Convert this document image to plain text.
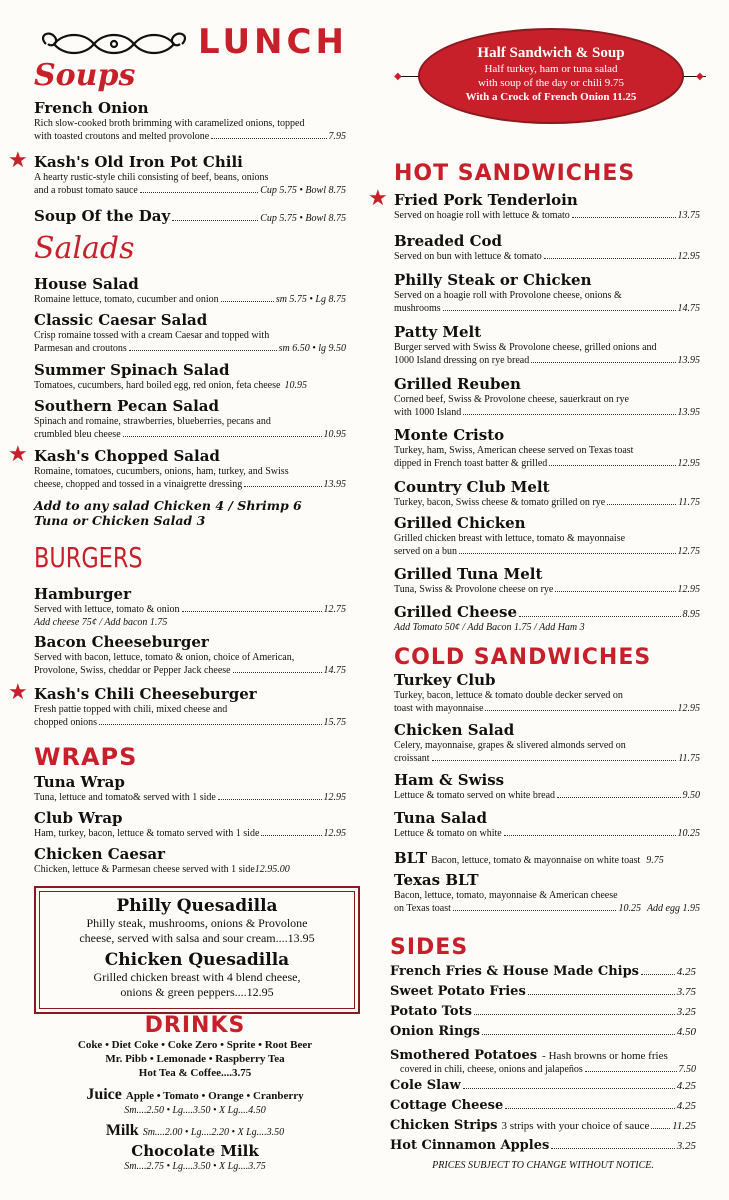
LUNCH
◆	◆
Half Sandwich & Soup
Half turkey, ham or tuna salad
with soup of the day or chili 9.75
With a Crock of French Onion 11.25
Soups
French Onion
Rich slow-cooked broth brimming with caramelized onions, topped
with toasted croutons and melted provolone	7.95
★ Kash's Old Iron Pot Chili
A hearty rustic-style chili consisting of beef, beans, onions
and a robust tomato sauce	Cup 5.75 • Bowl 8.75
Soup Of the Day	Cup 5.75 • Bowl 8.75
Salads
House Salad
Romaine lettuce, tomato, cucumber and onion	sm 5.75 • Lg 8.75
Classic Caesar Salad
Crisp romaine tossed with a cream Caesar and topped with
Parmesan and croutons	sm 6.50 • lg 9.50
Summer Spinach Salad
Tomatoes, cucumbers, hard boiled egg, red onion, feta cheese 10.95
Southern Pecan Salad
Spinach and romaine, strawberries, blueberries, pecans and
crumbled bleu cheese	10.95
★ Kash's Chopped Salad
Romaine, tomatoes, cucumbers, onions, ham, turkey, and Swiss
cheese, chopped and tossed in a vinaigrette dressing	13.95
Add to any salad Chicken 4 / Shrimp 6
Tuna or Chicken Salad 3
BURGERS
Hamburger
Served with lettuce, tomato & onion	12.75
Add cheese 75¢ / Add bacon 1.75
Bacon Cheeseburger
Served with bacon, lettuce, tomato & onion, choice of American,
Provolone, Swiss, cheddar or Pepper Jack cheese	14.75
★ Kash's Chili Cheeseburger
Fresh pattie topped with chili, mixed cheese and
chopped onions	15.75
WRAPS
Tuna Wrap
Tuna, lettuce and tomato& served with 1 side	12.95
Club Wrap
Ham, turkey, bacon, lettuce & tomato served with 1 side	12.95
Chicken Caesar
Chicken, lettuce & Parmesan cheese served with 1 side 12.95.00
Philly Quesadilla
Philly steak, mushrooms, onions & Provolone
cheese, served with salsa and sour cream....13.95
Chicken Quesadilla
Grilled chicken breast with 4 blend cheese,
onions & green peppers....12.95
DRINKS
Coke • Diet Coke • Coke Zero • Sprite • Root Beer
Mr. Pibb • Lemonade • Raspberry Tea
Hot Tea & Coffee....3.75
Juice Apple • Tomato • Orange • Cranberry
Sm....2.50 • Lg....3.50 • X Lg....4.50
Milk Sm....2.00 • Lg....2.20 • X Lg....3.50
Chocolate Milk
Sm....2.75 • Lg....3.50 • X Lg....3.75
HOT SANDWICHES
★ Fried Pork Tenderloin
Served on hoagie roll with lettuce & tomato	13.75
Breaded Cod
Served on bun with lettuce & tomato	12.95
Philly Steak or Chicken
Served on a hoagie roll with Provolone cheese, onions &
mushrooms	14.75
Patty Melt
Burger served with Swiss & Provolone cheese, grilled onions and
1000 Island dressing on rye bread	13.95
Grilled Reuben
Corned beef, Swiss & Provolone cheese, sauerkraut on rye
with 1000 Island	13.95
Monte Cristo
Turkey, ham, Swiss, American cheese served on Texas toast
dipped in French toast batter & grilled	12.95
Country Club Melt
Turkey, bacon, Swiss cheese & tomato grilled on rye	11.75
Grilled Chicken
Grilled chicken breast with lettuce, tomato & mayonnaise
served on a bun	12.75
Grilled Tuna Melt
Tuna, Swiss & Provolone cheese on rye	12.95
Grilled Cheese	8.95
Add Tomato 50¢ / Add Bacon 1.75 / Add Ham 3
COLD SANDWICHES
Turkey Club
Turkey, bacon, lettuce & tomato double decker served on
toast with mayonnaise	12.95
Chicken Salad
Celery, mayonnaise, grapes & slivered almonds served on
croissant	11.75
Ham & Swiss
Lettuce & tomato served on white bread	9.50
Tuna Salad
Lettuce & tomato on white	10.25
BLT Bacon, lettuce, tomato & mayonnaise on white toast 9.75
Texas BLT
Bacon, lettuce, tomato, mayonnaise & American cheese
on Texas toast	10.25 Add egg 1.95
SIDES
French Fries & House Made Chips	4.25
Sweet Potato Fries	3.75
Potato Tots	3.25
Onion Rings	4.50
Smothered Potatoes - Hash browns or home fries
covered in chili, cheese, onions and jalapeños	7.50
Cole Slaw	4.25
Cottage Cheese	4.25
Chicken Strips 3 strips with your choice of sauce 11.25
Hot Cinnamon Apples	3.25
PRICES SUBJECT TO CHANGE WITHOUT NOTICE.
